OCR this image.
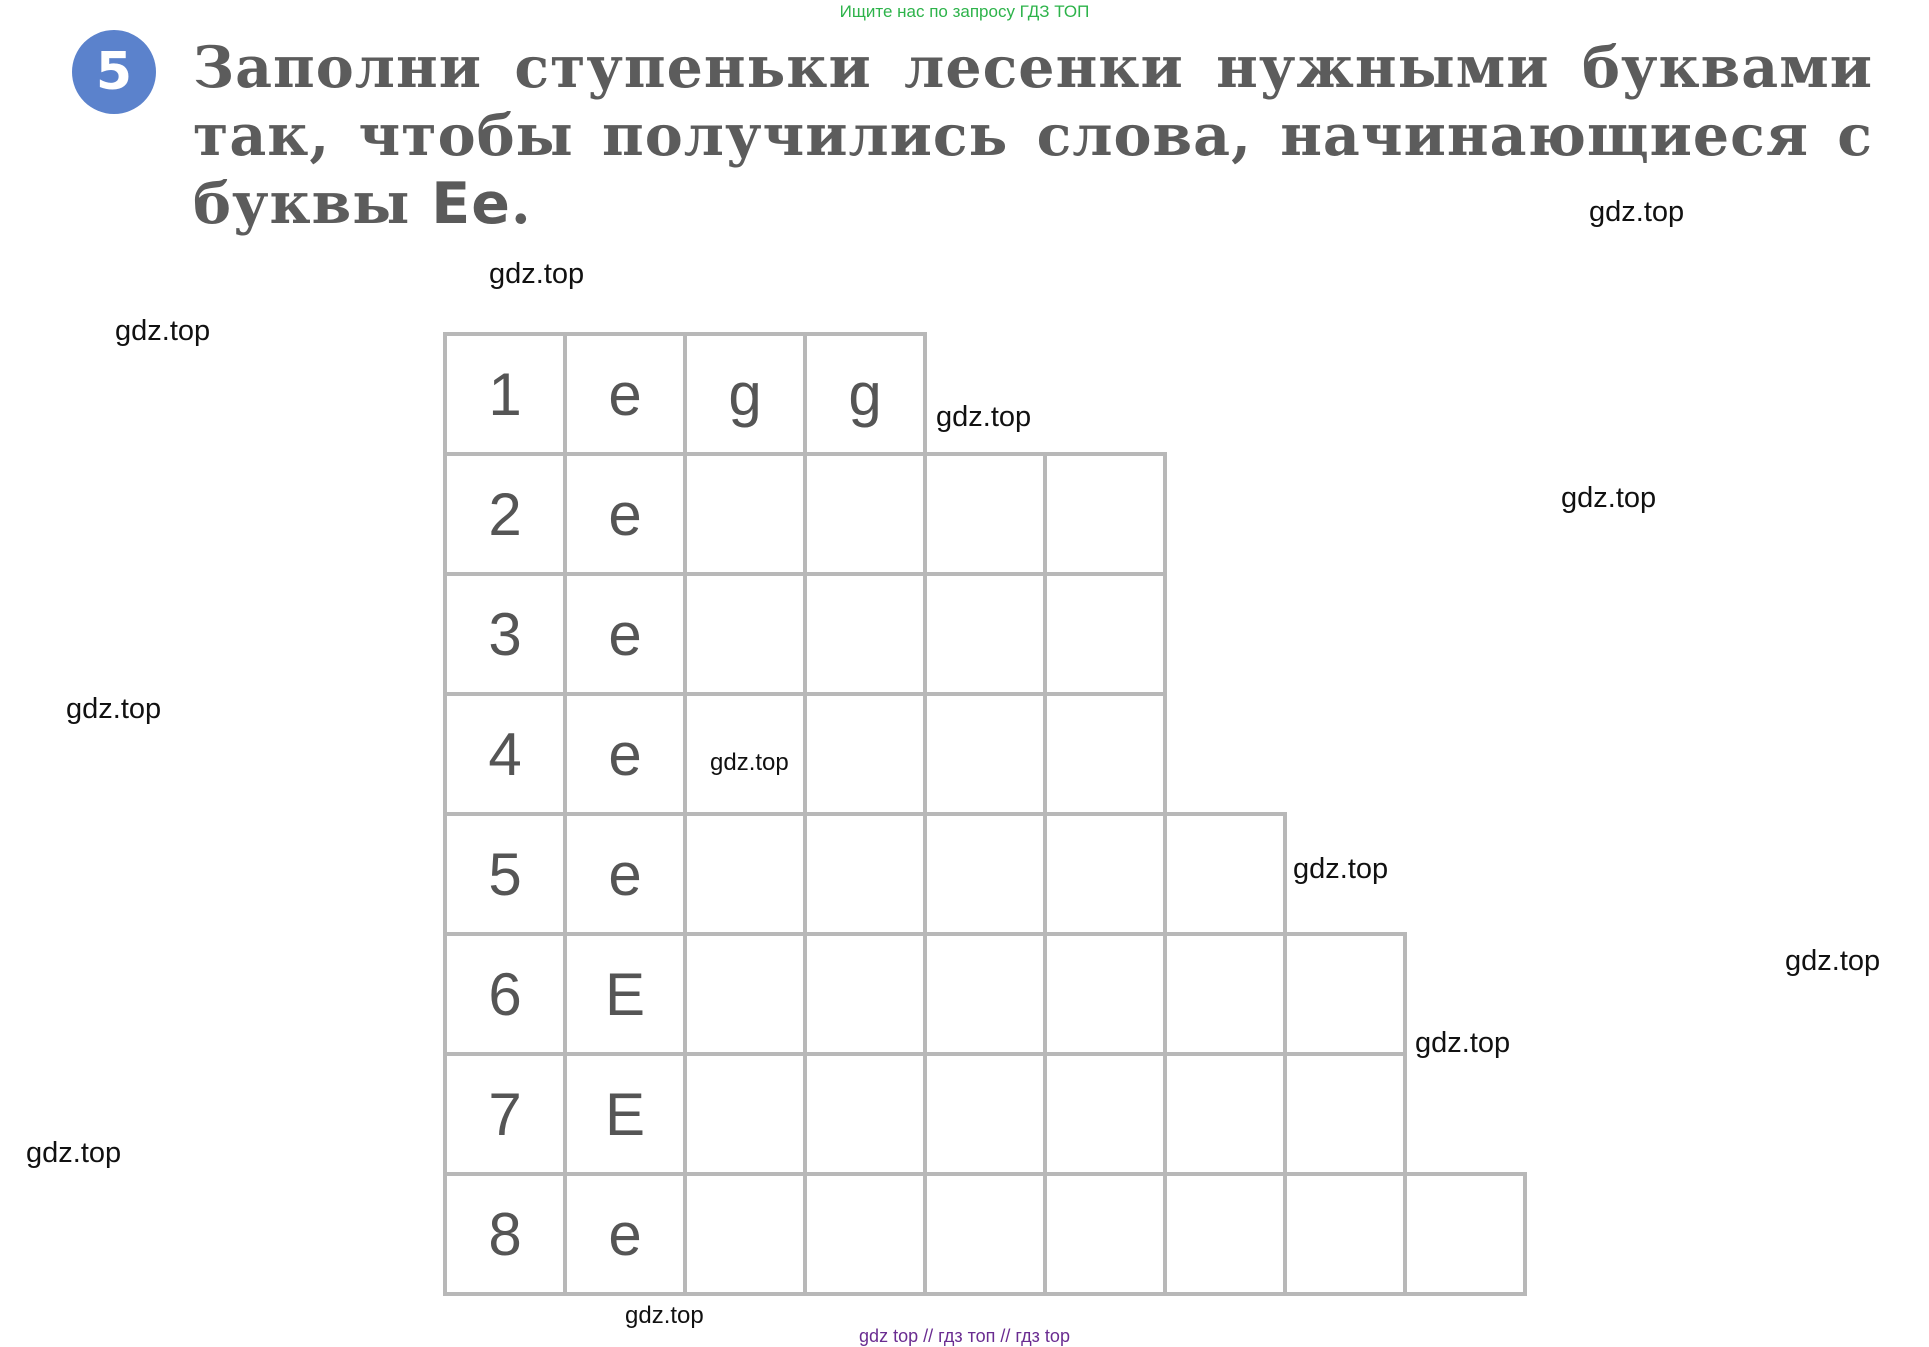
Ищите нас по запросу ГДЗ ТОП
5	Заполни ступеньки лесенки нужными буквами так, чтобы получились слова, начинающиеся с буквы Ee.
1	e	g	g
2	e
3	e
4	e
5	e
6	E
7	E
8	e
gdz.top
gdz.top
gdz.top
gdz.top
gdz.top
gdz.top
gdz.top
gdz.top
gdz.top
gdz.top
gdz.top
gdz.top
gdz top // гдз топ // гдз top
